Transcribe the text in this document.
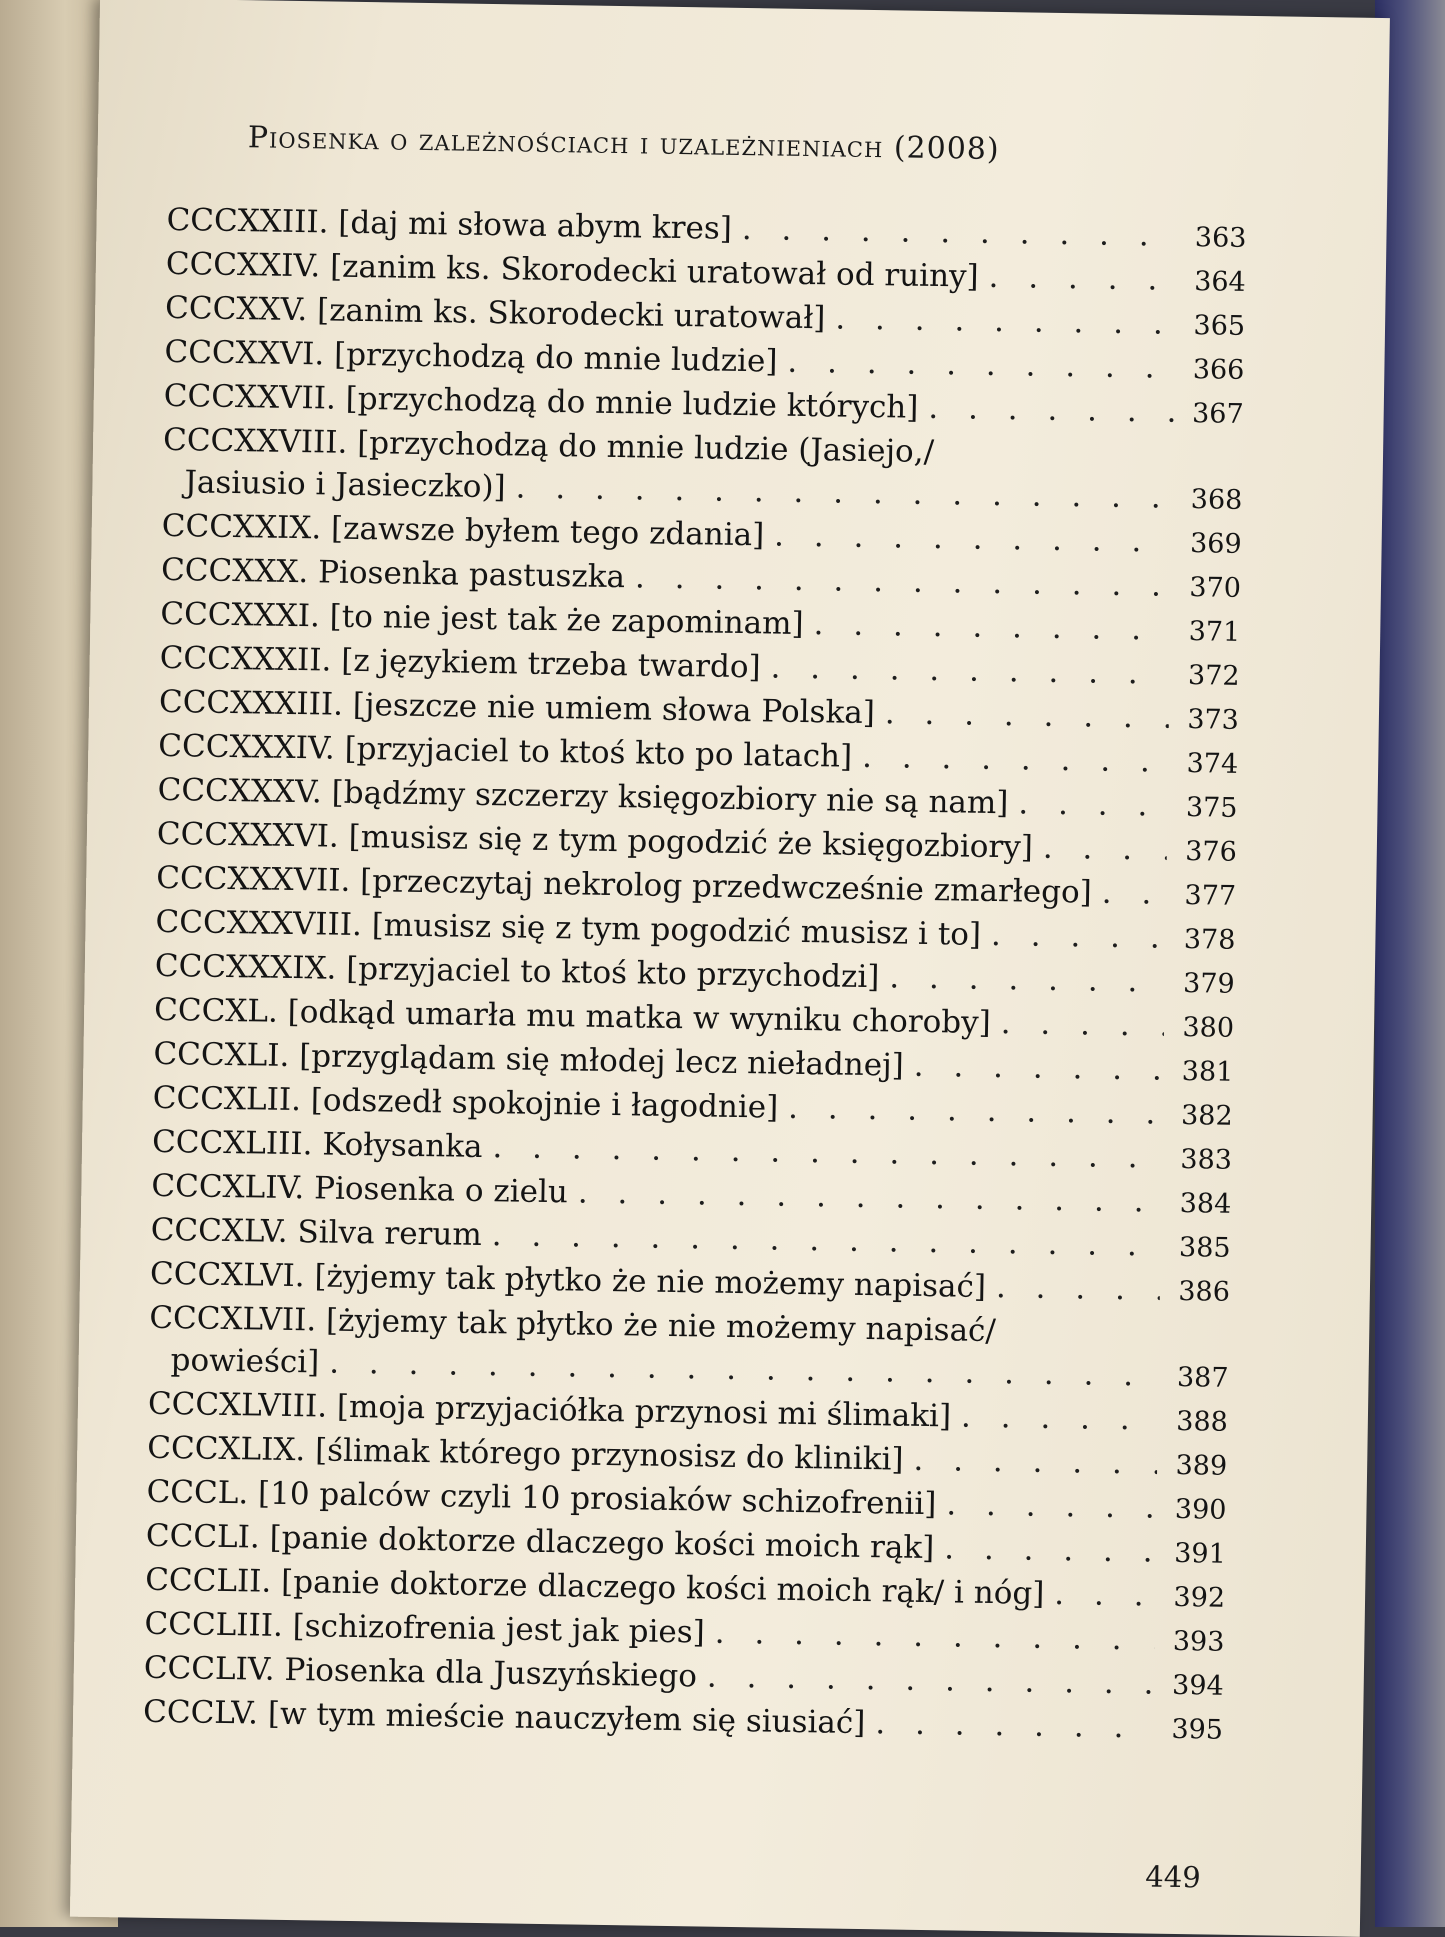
Piosenka o zależnościach i uzależnieniach (2008)
CCCXXIII. [daj mi słowa abym kres] . . .	363
CCCXXIV. [zanim ks. Skorodecki uratował od ruiny] . . .	364
CCCXXV. [zanim ks. Skorodecki uratował] . . .	365
CCCXXVI. [przychodzą do mnie ludzie] . . .	366
CCCXXVII. [przychodzą do mnie ludzie których] . . .	367
CCCXXVIII. [przychodzą do mnie ludzie (Jasiejo,/
Jasiusio i Jasieczko)] . . .	368
CCCXXIX. [zawsze byłem tego zdania] . . .	369
CCCXXX. Piosenka pastuszka . . .	370
CCCXXXI. [to nie jest tak że zapominam] . . .	371
CCCXXXII. [z językiem trzeba twardo] . . .	372
CCCXXXIII. [jeszcze nie umiem słowa Polska] . . .	373
CCCXXXIV. [przyjaciel to ktoś kto po latach] . . .	374
CCCXXXV. [bądźmy szczerzy księgozbiory nie są nam] . . .	375
CCCXXXVI. [musisz się z tym pogodzić że księgozbiory] . . .	376
CCCXXXVII. [przeczytaj nekrolog przedwcześnie zmarłego] . . .	377
CCCXXXVIII. [musisz się z tym pogodzić musisz i to] . . .	378
CCCXXXIX. [przyjaciel to ktoś kto przychodzi] . . .	379
CCCXL. [odkąd umarła mu matka w wyniku choroby] . . .	380
CCCXLI. [przyglądam się młodej lecz nieładnej] . . .	381
CCCXLII. [odszedł spokojnie i łagodnie] . . .	382
CCCXLIII. Kołysanka . . .	383
CCCXLIV. Piosenka o zielu . . .	384
CCCXLV. Silva rerum . . .	385
CCCXLVI. [żyjemy tak płytko że nie możemy napisać] . . .	386
CCCXLVII. [żyjemy tak płytko że nie możemy napisać/
powieści] . . .	387
CCCXLVIII. [moja przyjaciółka przynosi mi ślimaki] . . .	388
CCCXLIX. [ślimak którego przynosisz do kliniki] . . .	389
CCCL. [10 palców czyli 10 prosiaków schizofrenii] . . .	390
CCCLI. [panie doktorze dlaczego kości moich rąk] . . .	391
CCCLII. [panie doktorze dlaczego kości moich rąk/ i nóg] . . .	392
CCCLIII. [schizofrenia jest jak pies] . . .	393
CCCLIV. Piosenka dla Juszyńskiego . . .	394
CCCLV. [w tym mieście nauczyłem się siusiać] . . .	395
449
